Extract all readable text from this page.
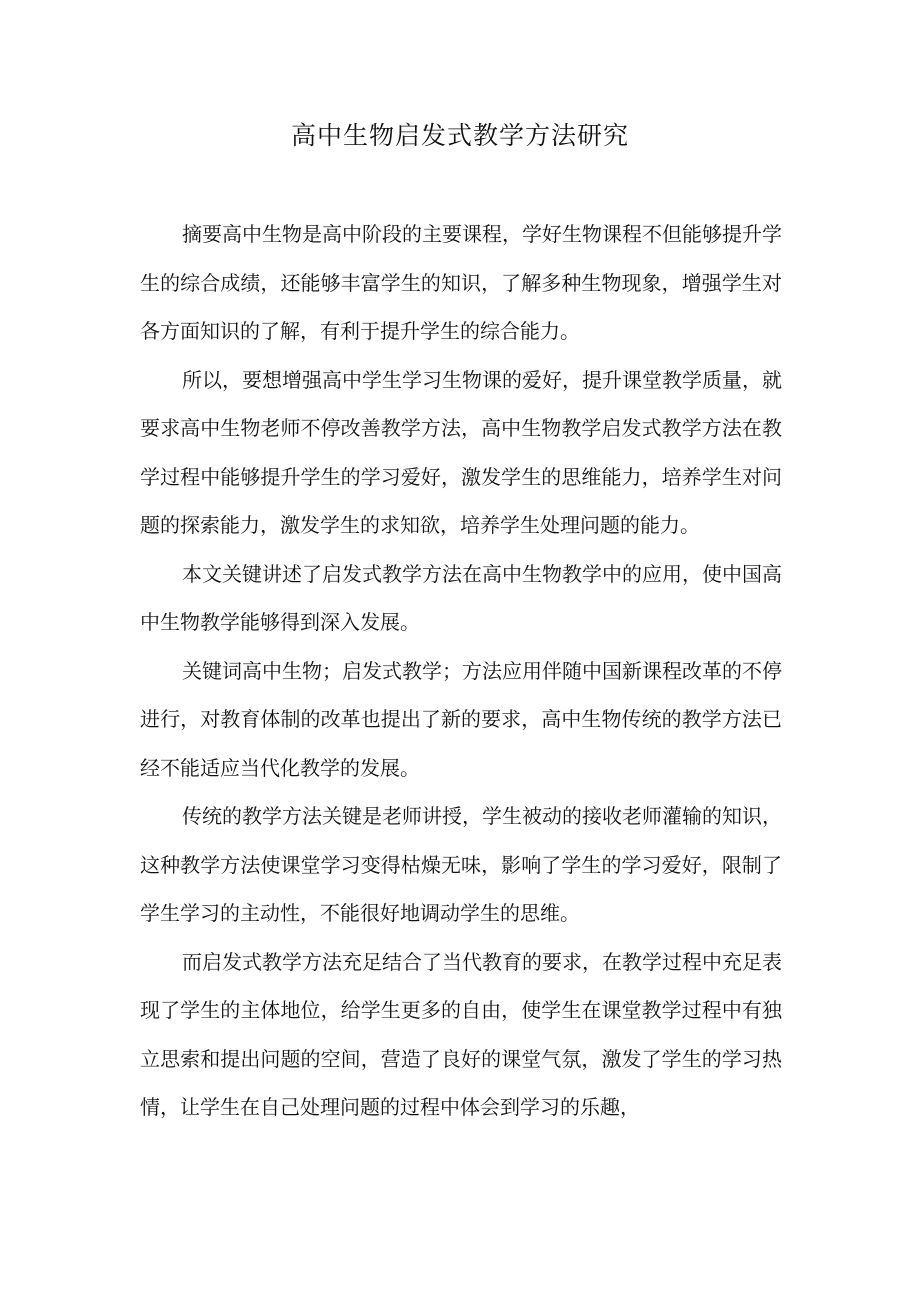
高中生物启发式教学方法研究

摘要高中生物是高中阶段的主要课程，学好生物课程不但能够提升学生的综合成绩，还能够丰富学生的知识，了解多种生物现象，增强学生对各方面知识的了解，有利于提升学生的综合能力。

所以，要想增强高中学生学习生物课的爱好，提升课堂教学质量，就要求高中生物老师不停改善教学方法，高中生物教学启发式教学方法在教学过程中能够提升学生的学习爱好，激发学生的思维能力，培养学生对问题的探索能力，激发学生的求知欲，培养学生处理问题的能力。

本文关键讲述了启发式教学方法在高中生物教学中的应用，使中国高中生物教学能够得到深入发展。

关键词高中生物；启发式教学；方法应用伴随中国新课程改革的不停进行，对教育体制的改革也提出了新的要求，高中生物传统的教学方法已经不能适应当代化教学的发展。

传统的教学方法关键是老师讲授，学生被动的接收老师灌输的知识，这种教学方法使课堂学习变得枯燥无味，影响了学生的学习爱好，限制了学生学习的主动性，不能很好地调动学生的思维。

而启发式教学方法充足结合了当代教育的要求，在教学过程中充足表现了学生的主体地位，给学生更多的自由，使学生在课堂教学过程中有独立思索和提出问题的空间，营造了良好的课堂气氛，激发了学生的学习热情，让学生在自己处理问题的过程中体会到学习的乐趣，
